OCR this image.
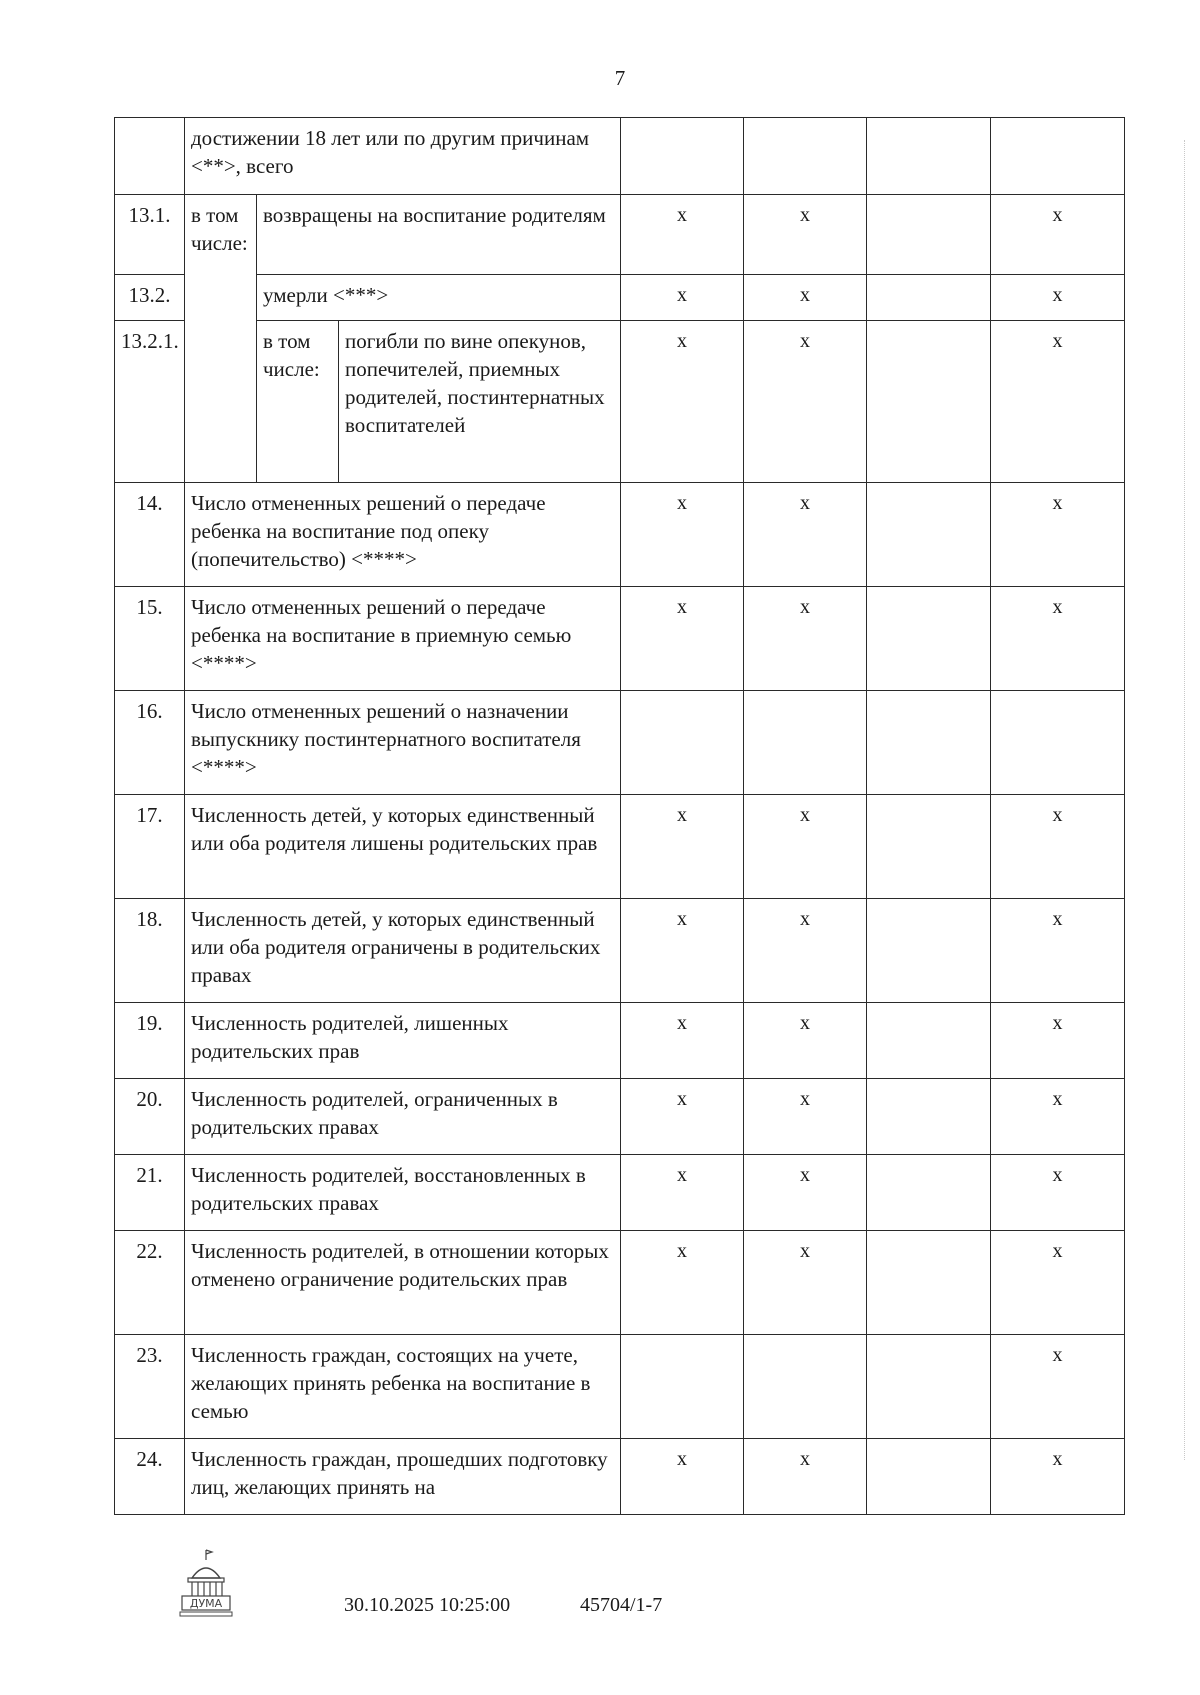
7
	достижении 18 лет или по другим причинам <**>, всего						
13.1.	в том числе:	возвращены на воспитание родителям		x	x		x
13.2.		умерли <***>		x	x		x
13.2.1.		в том числе:	погибли по вине опекунов, попечителей, приемных родителей, постинтернатных воспитателей	x	x		x
14.	Число отмененных решений о передаче ребенка на воспитание под опеку (попечительство) <****>			x	x		x
15.	Число отмененных решений о передаче ребенка на воспитание в приемную семью <****>			x	x		x
16.	Число отмененных решений о назначении выпускнику постинтернатного воспитателя <****>						
17.	Численность детей, у которых единственный или оба родителя лишены родительских прав			x	x		x
18.	Численность детей, у которых единственный или оба родителя ограничены в родительских правах			x	x		x
19.	Численность родителей, лишенных родительских прав			x	x		x
20.	Численность родителей, ограниченных в родительских правах			x	x		x
21.	Численность родителей, восстановленных в родительских правах			x	x		x
22.	Численность родителей, в отношении которых отменено ограничение родительских прав			x	x		x
23.	Численность граждан, состоящих на учете, желающих принять ребенка на воспитание в семью						x
24.	Численность граждан, прошедших подготовку лиц, желающих принять на			x	x		x
ДУМА	30.10.2025 10:25:00	45704/1-7
